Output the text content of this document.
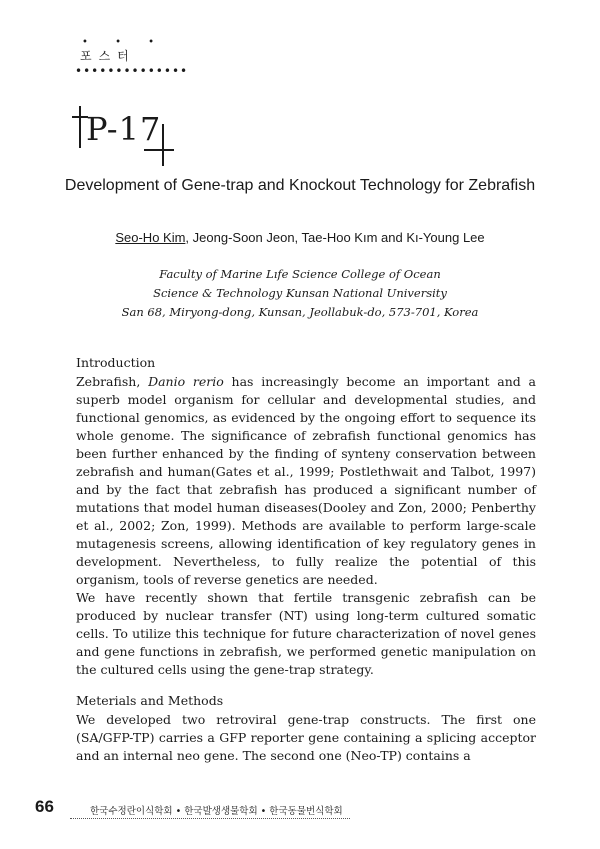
• • •
포스터
••••••••••••••
P-17
Development of Gene-trap and Knockout Technology for Zebrafish
Seo-Ho Kim, Jeong-Soon Jeon, Tae-Hoo Kım and Kı-Young Lee
Faculty of Marine Lıfe Science College of Ocean
Science & Technology Kunsan National University
San 68, Miryong-dong, Kunsan, Jeollabuk-do, 573-701, Korea
Introduction

Zebrafish, Danio rerio has increasingly become an important and a superb model organism for cellular and developmental studies, and functional genomics, as evidenced by the ongoing effort to sequence its whole genome. The significance of zebrafish functional genomics has been further enhanced by the finding of synteny conservation between zebrafish and human(Gates et al., 1999; Postlethwait and Talbot, 1997) and by the fact that zebrafish has produced a significant number of mutations that model human diseases(Dooley and Zon, 2000; Penberthy et al., 2002; Zon, 1999). Methods are available to perform large-scale mutagenesis screens, allowing identification of key regulatory genes in development. Nevertheless, to fully realize the potential of this organism, tools of reverse genetics are needed.

We have recently shown that fertile transgenic zebrafish can be produced by nuclear transfer (NT) using long-term cultured somatic cells. To utilize this technique for future characterization of novel genes and gene functions in zebrafish, we performed genetic manipulation on the cultured cells using the gene-trap strategy.

Meterials and Methods

We developed two retroviral gene-trap constructs. The first one (SA/GFP-TP) carries a GFP reporter gene containing a splicing acceptor and an internal neo gene. The second one (Neo-TP) contains a

66	한국수정란이식학회 • 한국발생생물학회 • 한국동물번식학회
